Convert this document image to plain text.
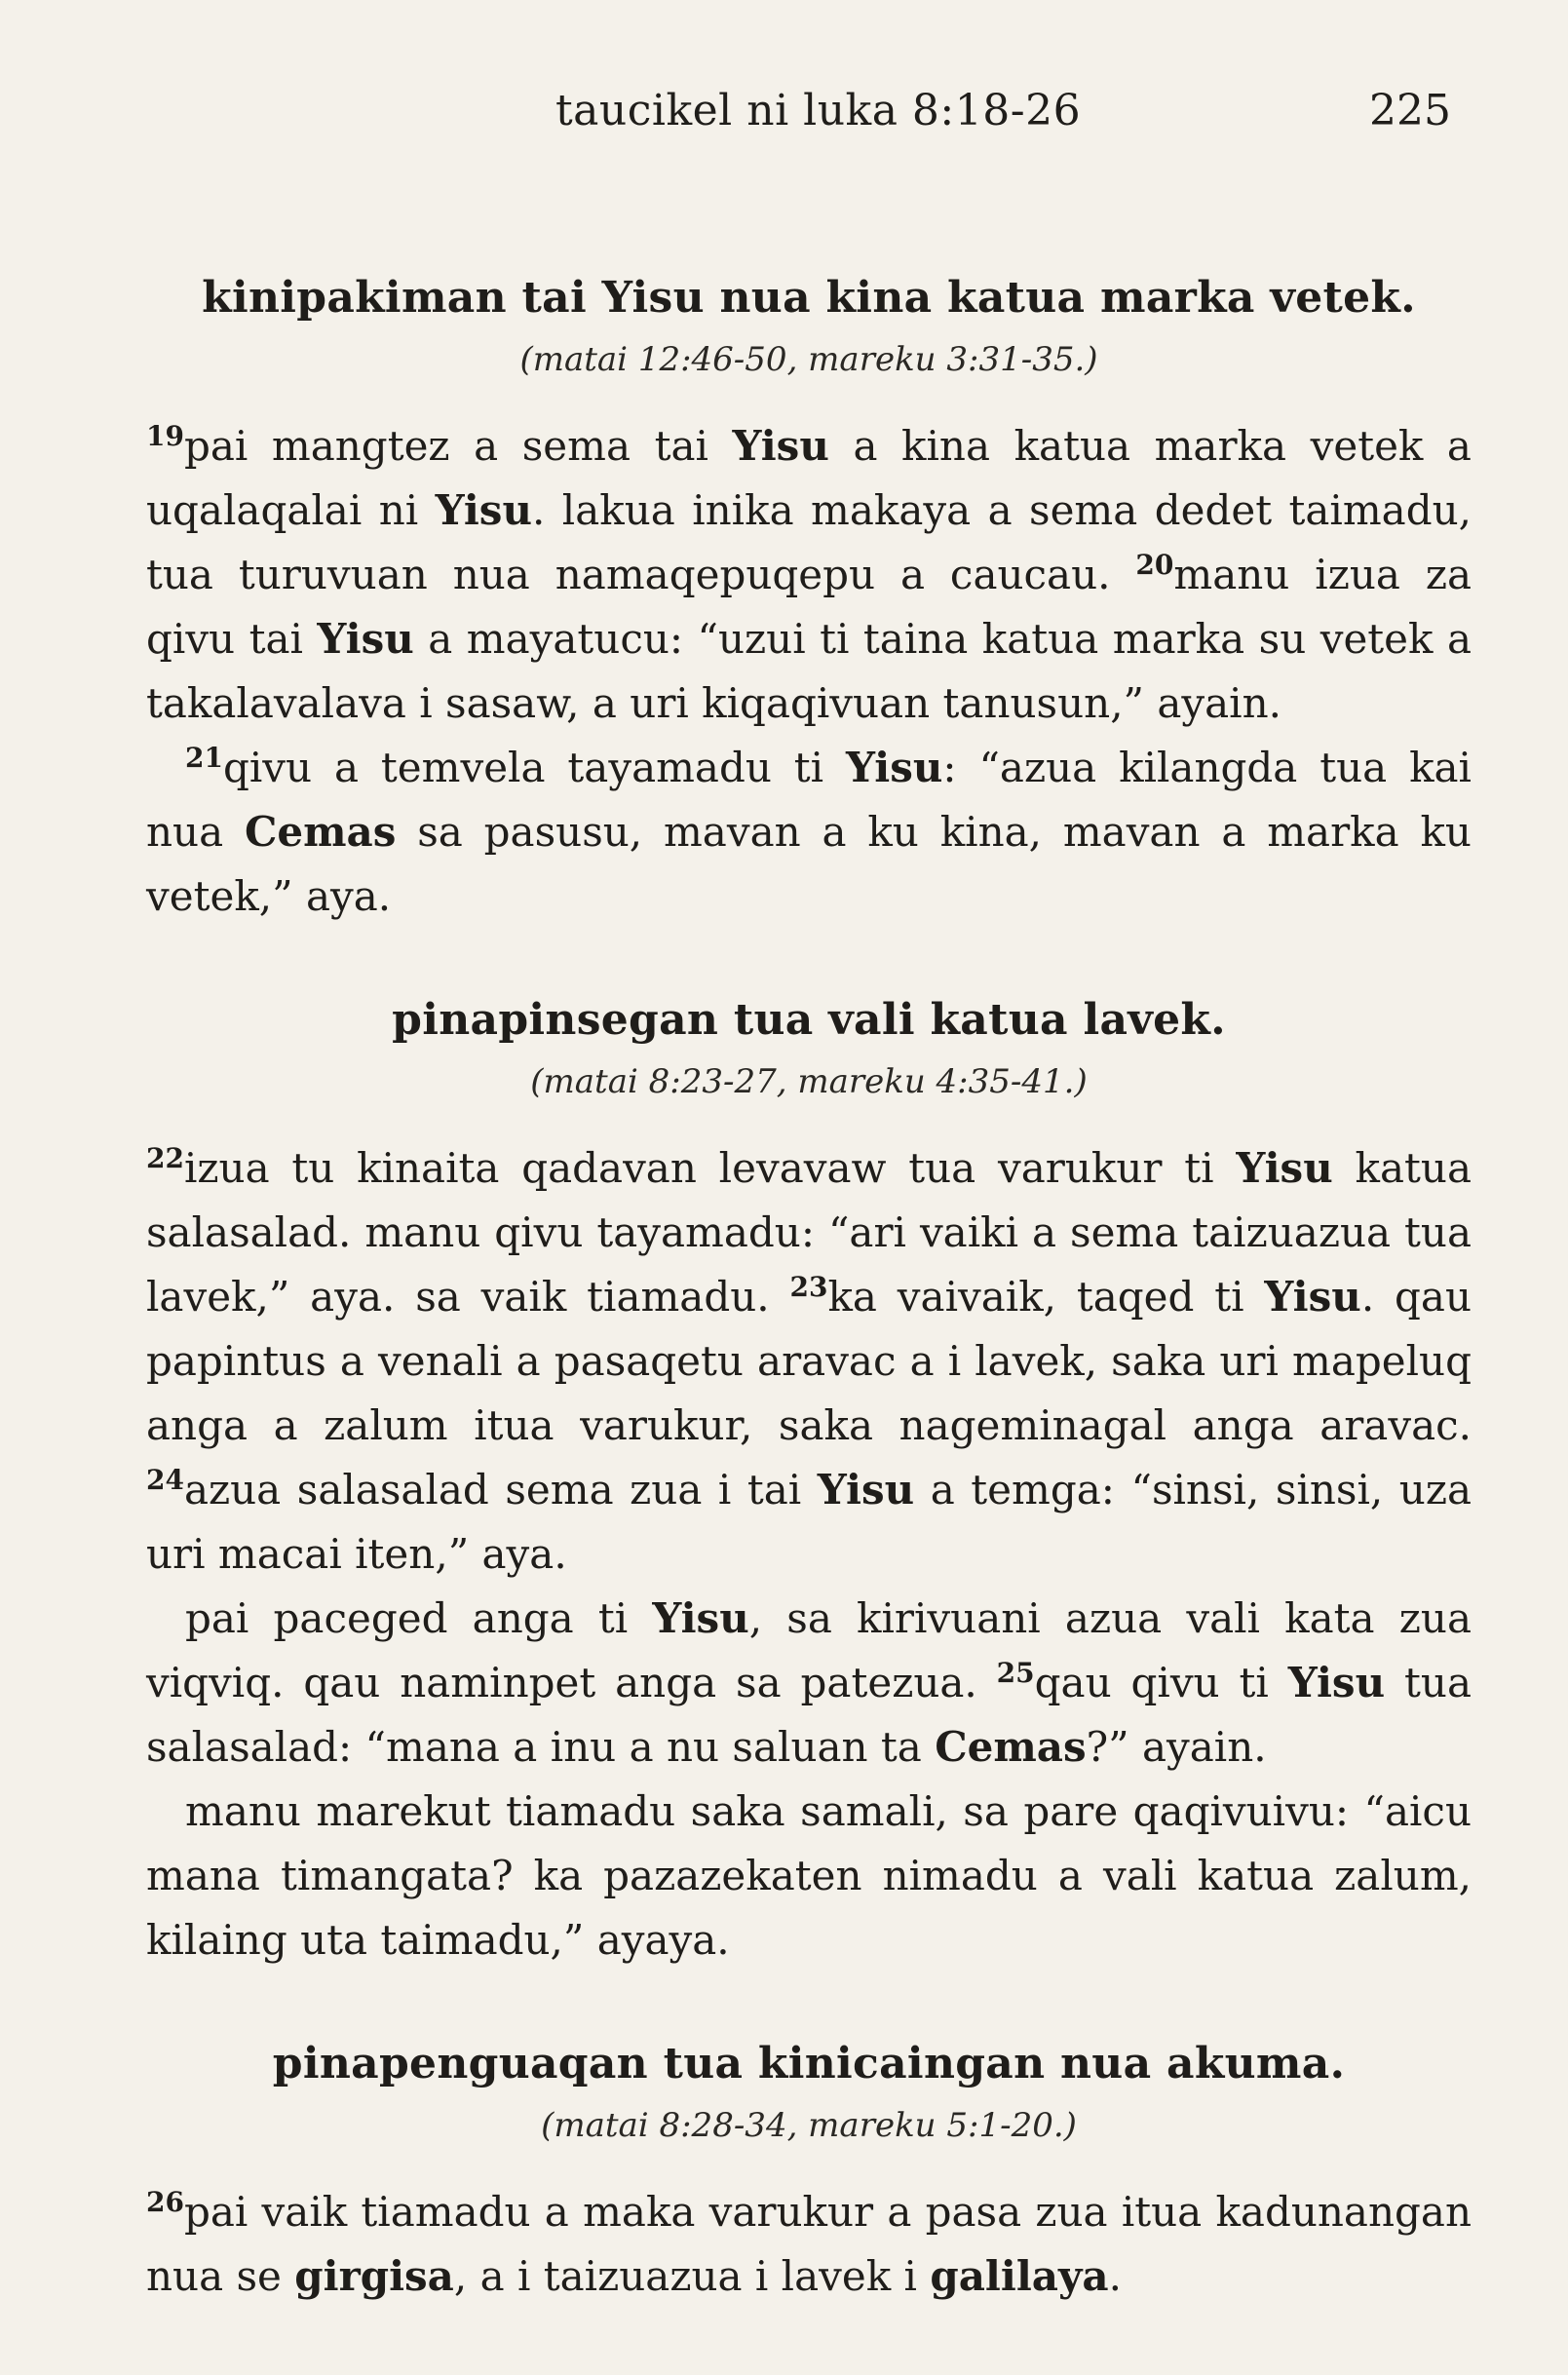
taucikel ni luka 8:18-26	225
kinipakiman tai Yisu nua kina katua marka vetek.

(matai 12:46-50, mareku 3:31-35.)

$^{19}$pai mangtez a sema tai Yisu a kina katua marka vetek a uqalaqalai ni Yisu. lakua inika makaya a sema dedet taimadu, tua turuvuan nua namaqepuqepu a caucau. $^{20}$manu izua za qivu tai Yisu a mayatucu: “uzui ti taina katua marka su vetek a takalavalava i sasaw, a uri kiqaqivuan tanusun,” ayain.

$^{21}$qivu a temvela tayamadu ti Yisu: “azua kilangda tua kai nua Cemas sa pasusu, mavan a ku kina, mavan a marka ku vetek,” aya.

pinapinsegan tua vali katua lavek.

(matai 8:23-27, mareku 4:35-41.)

$^{22}$izua tu kinaita qadavan levavaw tua varukur ti Yisu katua salasalad. manu qivu tayamadu: “ari vaiki a sema taizuazua tua lavek,” aya. sa vaik tiamadu. $^{23}$ka vaivaik, taqed ti Yisu. qau papintus a venali a pasaqetu aravac a i lavek, saka uri mapeluq anga a zalum itua varukur, saka nageminagal anga aravac. $^{24}$azua salasalad sema zua i tai Yisu a temga: “sinsi, sinsi, uza uri macai iten,” aya.

pai paceged anga ti Yisu, sa kirivuani azua vali kata zua viqviq. qau naminpet anga sa patezua. $^{25}$qau qivu ti Yisu tua salasalad: “mana a inu a nu saluan ta Cemas?” ayain.

manu marekut tiamadu saka samali, sa pare qaqivuivu: “aicu mana timangata? ka pazazekaten nimadu a vali katua zalum, kilaing uta taimadu,” ayaya.

pinapenguaqan tua kinicaingan nua akuma.

(matai 8:28-34, mareku 5:1-20.)

$^{26}$pai vaik tiamadu a maka varukur a pasa zua itua kadunangan nua se girgisa, a i taizuazua i lavek i galilaya.
